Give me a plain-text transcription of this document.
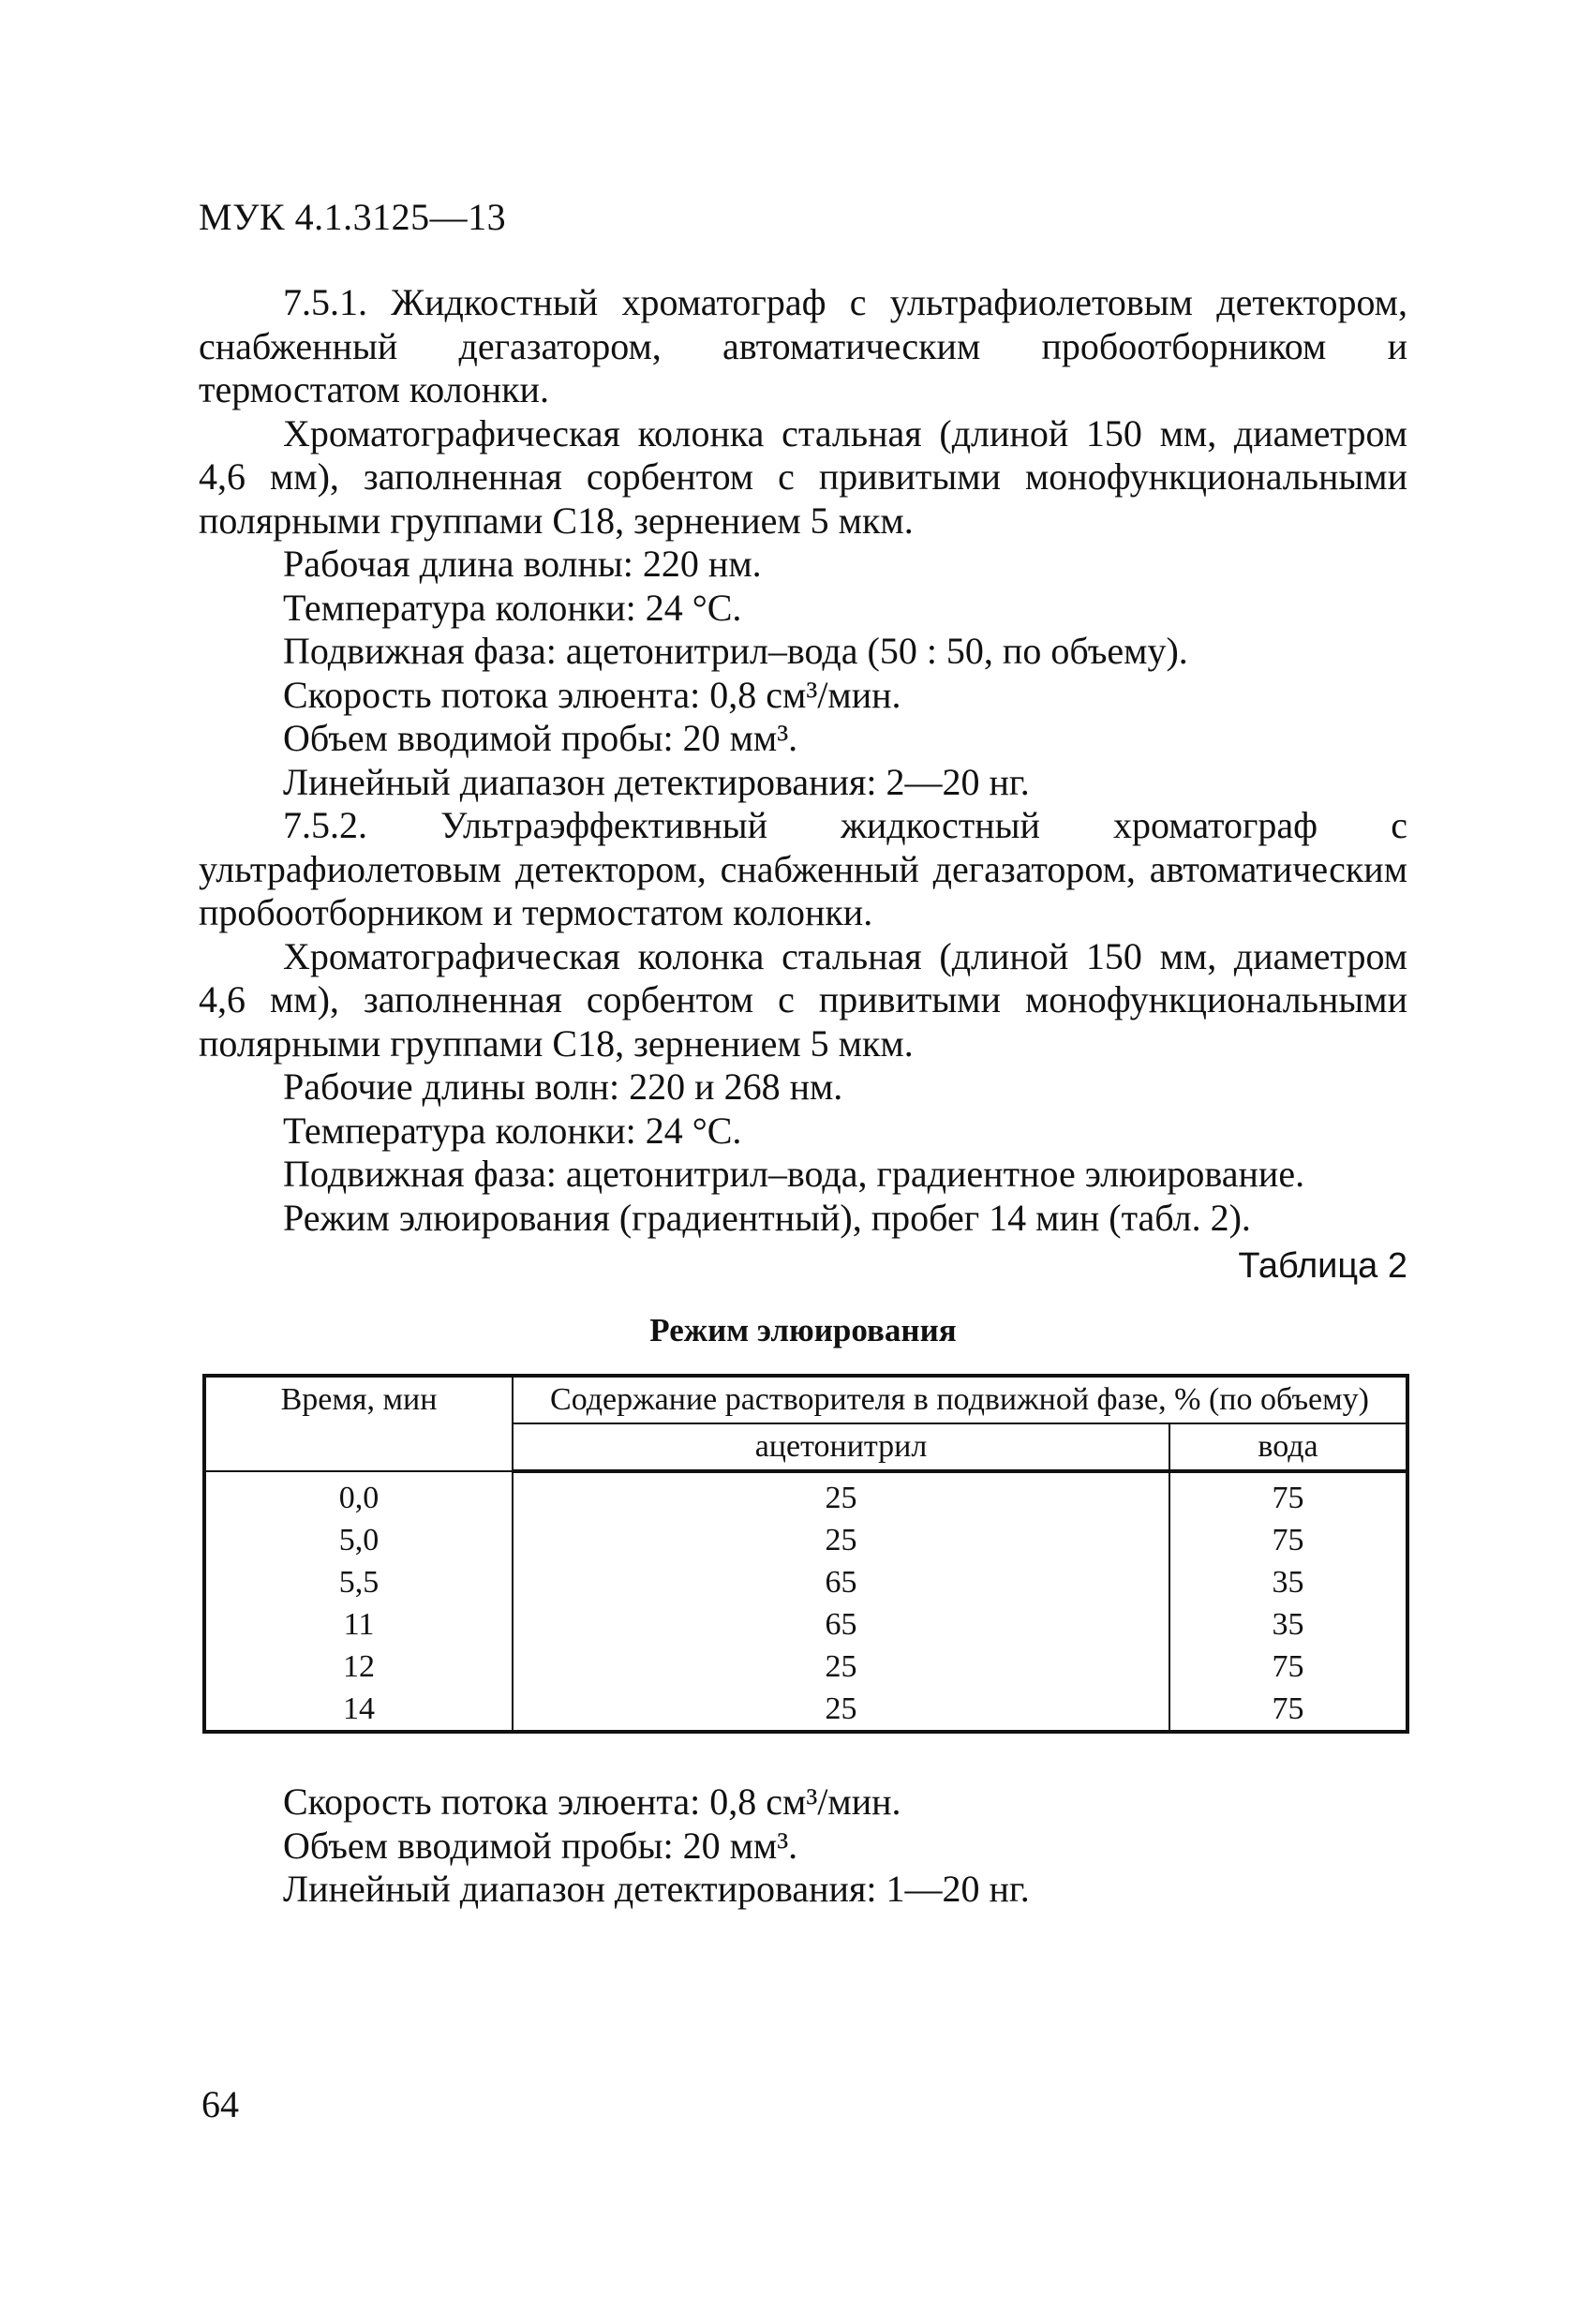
МУК 4.1.3125—13

7.5.1. Жидкостный хроматограф с ультрафиолетовым детектором, снабженный дегазатором, автоматическим пробоотборником и термостатом колонки.

Хроматографическая колонка стальная (длиной 150 мм, диаметром 4,6 мм), заполненная сорбентом с привитыми монофункциональными полярными группами С18, зернением 5 мкм.

Рабочая длина волны: 220 нм.

Температура колонки: 24 °С.

Подвижная фаза: ацетонитрил–вода (50 : 50, по объему).

Скорость потока элюента: 0,8 см³/мин.

Объем вводимой пробы: 20 мм³.

Линейный диапазон детектирования: 2—20 нг.

7.5.2. Ультраэффективный жидкостный хроматограф с ультрафиолетовым детектором, снабженный дегазатором, автоматическим пробоотборником и термостатом колонки.

Хроматографическая колонка стальная (длиной 150 мм, диаметром 4,6 мм), заполненная сорбентом с привитыми монофункциональными полярными группами С18, зернением 5 мкм.

Рабочие длины волн: 220 и 268 нм.

Температура колонки: 24 °С.

Подвижная фаза: ацетонитрил–вода, градиентное элюирование.

Режим элюирования (градиентный), пробег 14 мин (табл. 2).

Таблица 2
Режим элюирования
Время, мин	Содержание растворителя в подвижной фазе, % (по объему)	
	ацетонитрил	вода
0,0	25	75
5,0	25	75
5,5	65	35
11	65	35
12	25	75
14	25	75

Скорость потока элюента: 0,8 см³/мин.

Объем вводимой пробы: 20 мм³.

Линейный диапазон детектирования: 1—20 нг.

64
